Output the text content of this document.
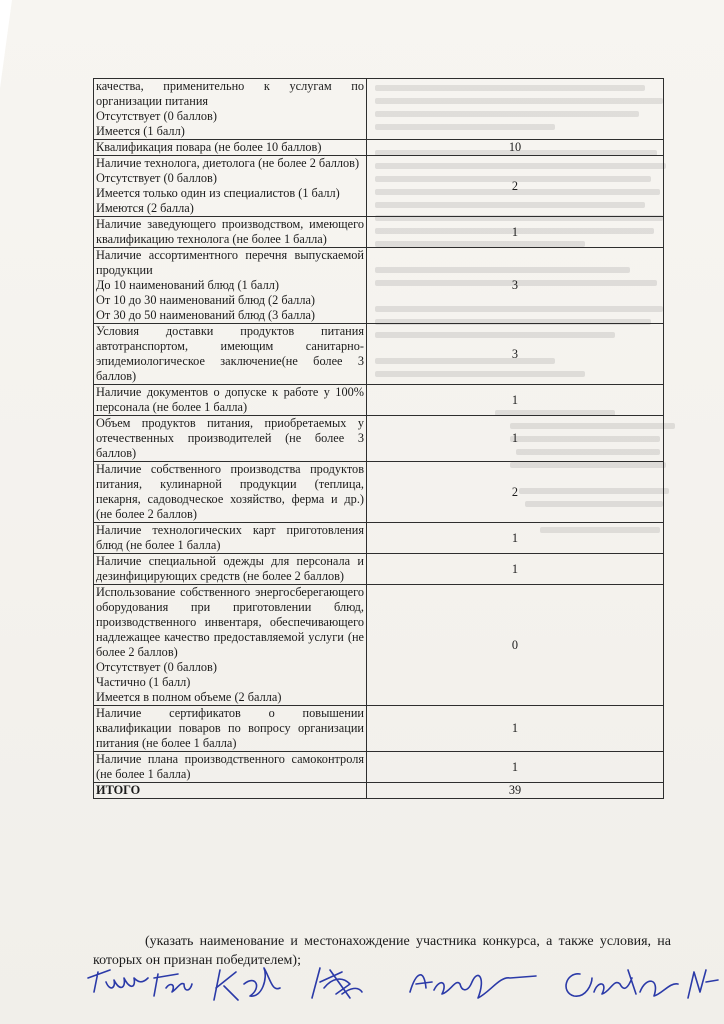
качества, применительно к услугам по организации питания
Отсутствует (0 баллов)
Имеется (1 балл)	

Квалификация повара (не более 10 баллов)	10

Наличие технолога, диетолога (не более 2 баллов)
Отсутствует (0 баллов)
Имеется только один из специалистов (1 балл)
Имеются (2 балла)	2

Наличие заведующего производством, имеющего квалификацию технолога (не более 1 балла)	1

Наличие ассортиментного перечня выпускаемой продукции
До 10 наименований блюд (1 балл)
От 10 до 30 наименований блюд (2 балла)
От 30 до 50 наименований блюд (3 балла)	3

Условия доставки продуктов питания автотранспортом, имеющим санитарно-эпидемиологическое заключение(не более 3 баллов)	3

Наличие документов о допуске к работе у 100% персонала (не более 1 балла)	1

Объем продуктов питания, приобретаемых у отечественных производителей (не более 3 баллов)	1

Наличие собственного производства продуктов питания, кулинарной продукции (теплица, пекарня, садоводческое хозяйство, ферма и др.) (не более 2 баллов)	2

Наличие технологических карт приготовления блюд (не более 1 балла)	1

Наличие специальной одежды для персонала и дезинфицирующих средств (не более 2 баллов)	1

Использование собственного энергосберегающего оборудования при приготовлении блюд, производственного инвентаря, обеспечивающего надлежащее качество предоставляемой услуги (не более 2 баллов)
Отсутствует (0 баллов)
Частично (1 балл)
Имеется в полном объеме (2 балла)	0

Наличие сертификатов о повышении квалификации поваров по вопросу организации питания (не более 1 балла)	1

Наличие плана производственного самоконтроля (не более 1 балла)	1
ИТОГО	39

(указать наименование и местонахождение участника конкурса, а также условия, на которых он признан победителем);
